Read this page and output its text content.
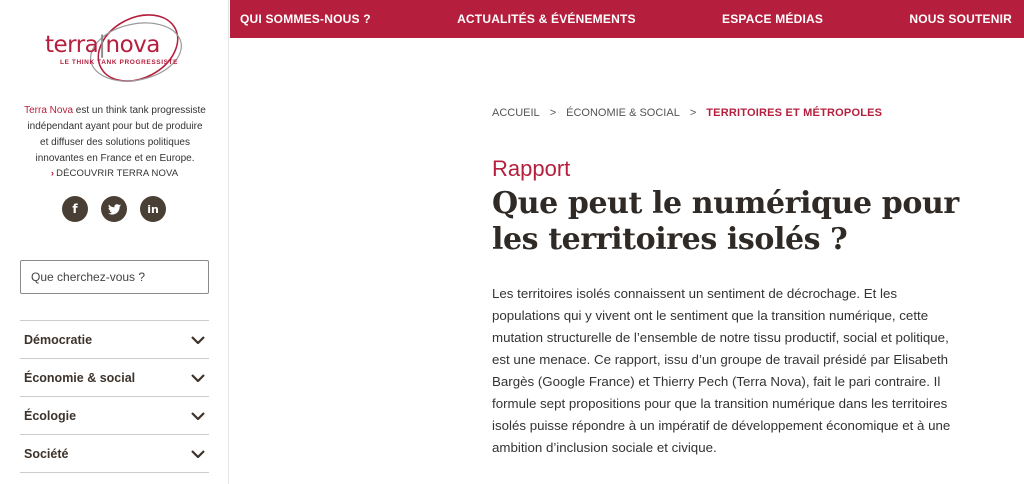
terra|nova
LE THINK TANK PROGRESSISTE

Terra Nova est un think tank progressiste indépendant ayant pour but de produire et diffuser des solutions politiques innovantes en France et en Europe.

› DÉCOUVRIR TERRA NOVA
f	in
Que cherchez-vous ?
Démocratie
Économie & social
Écologie
Société
QUI SOMMES-NOUS ?	ACTUALITÉS & ÉVÉNEMENTS	ESPACE MÉDIAS	NOUS SOUTENIR
ACCUEIL > ÉCONOMIE & SOCIAL > TERRITOIRES ET MÉTROPOLES
Rapport
Que peut le numérique pour les territoires isolés ?

Les territoires isolés connaissent un sentiment de décrochage. Et les populations qui y vivent ont le sentiment que la transition numérique, cette mutation structurelle de l’ensemble de notre tissu productif, social et politique, est une menace. Ce rapport, issu d’un groupe de travail présidé par Elisabeth Bargès (Google France) et Thierry Pech (Terra Nova), fait le pari contraire. Il formule sept propositions pour que la transition numérique dans les territoires isolés puisse répondre à un impératif de développement économique et à une ambition d’inclusion sociale et civique.
